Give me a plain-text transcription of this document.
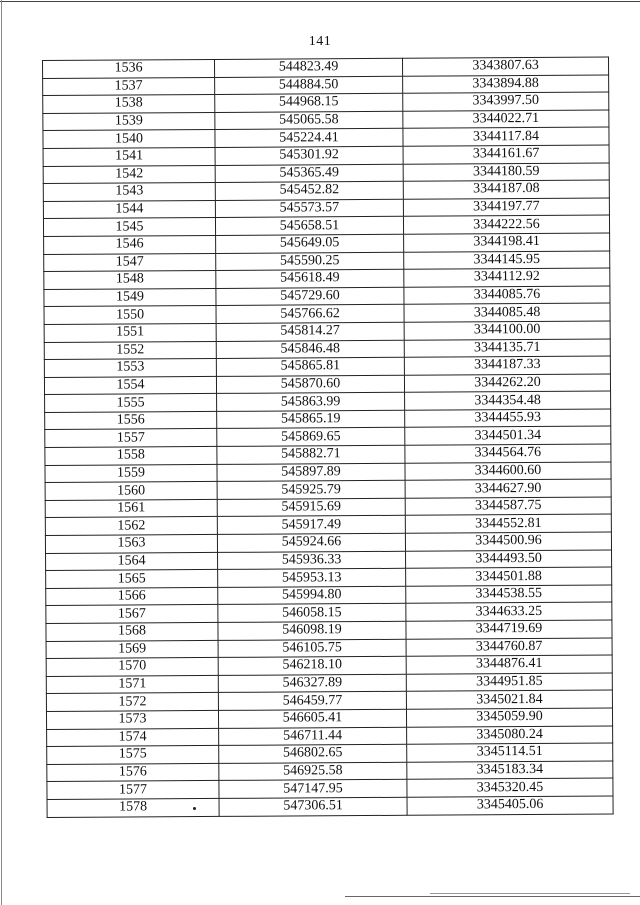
141
1536	544823.49	3343807.63
1537	544884.50	3343894.88
1538	544968.15	3343997.50
1539	545065.58	3344022.71
1540	545224.41	3344117.84
1541	545301.92	3344161.67
1542	545365.49	3344180.59
1543	545452.82	3344187.08
1544	545573.57	3344197.77
1545	545658.51	3344222.56
1546	545649.05	3344198.41
1547	545590.25	3344145.95
1548	545618.49	3344112.92
1549	545729.60	3344085.76
1550	545766.62	3344085.48
1551	545814.27	3344100.00
1552	545846.48	3344135.71
1553	545865.81	3344187.33
1554	545870.60	3344262.20
1555	545863.99	3344354.48
1556	545865.19	3344455.93
1557	545869.65	3344501.34
1558	545882.71	3344564.76
1559	545897.89	3344600.60
1560	545925.79	3344627.90
1561	545915.69	3344587.75
1562	545917.49	3344552.81
1563	545924.66	3344500.96
1564	545936.33	3344493.50
1565	545953.13	3344501.88
1566	545994.80	3344538.55
1567	546058.15	3344633.25
1568	546098.19	3344719.69
1569	546105.75	3344760.87
1570	546218.10	3344876.41
1571	546327.89	3344951.85
1572	546459.77	3345021.84
1573	546605.41	3345059.90
1574	546711.44	3345080.24
1575	546802.65	3345114.51
1576	546925.58	3345183.34
1577	547147.95	3345320.45
1578	547306.51	3345405.06
